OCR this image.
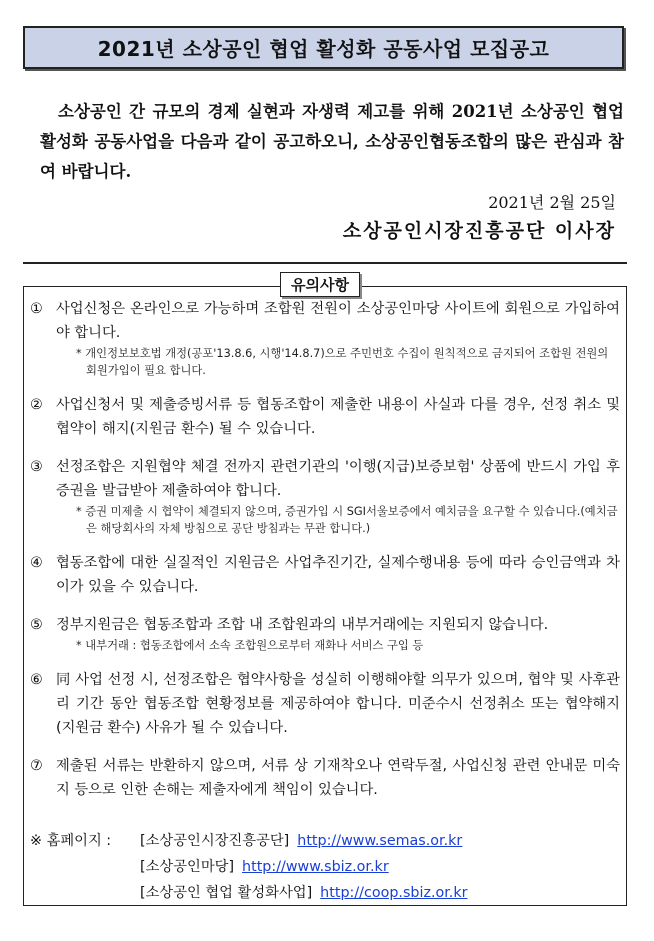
2021년 소상공인 협업 활성화 공동사업 모집공고

소상공인 간 규모의 경제 실현과 자생력 제고를 위해 2021년 소상공인 협업 활성화 공동사업을 다음과 같이 공고하오니, 소상공인협동조합의 많은 관심과 참여 바랍니다.

2021년 2월 25일
소상공인시장진흥공단 이사장
유의사항
① 사업신청은 온라인으로 가능하며 조합원 전원이 소상공인마당 사이트에 회원으로 가입하여야 합니다.
* 개인정보보호법 개정(공포'13.8.6, 시행'14.8.7)으로 주민번호 수집이 원칙적으로 금지되어 조합원 전원의 회원가입이 필요 합니다.
② 사업신청서 및 제출증빙서류 등 협동조합이 제출한 내용이 사실과 다를 경우, 선정 취소 및 협약이 해지(지원금 환수) 될 수 있습니다.
③ 선정조합은 지원협약 체결 전까지 관련기관의 '이행(지급)보증보험' 상품에 반드시 가입 후 증권을 발급받아 제출하여야 합니다.
* 증권 미제출 시 협약이 체결되지 않으며, 증권가입 시 SGI서울보증에서 예치금을 요구할 수 있습니다.(예치금은 해당회사의 자체 방침으로 공단 방침과는 무관 합니다.)
④ 협동조합에 대한 실질적인 지원금은 사업추진기간, 실제수행내용 등에 따라 승인금액과 차이가 있을 수 있습니다.
⑤ 정부지원금은 협동조합과 조합 내 조합원과의 내부거래에는 지원되지 않습니다.
* 내부거래 : 협동조합에서 소속 조합원으로부터 재화나 서비스 구입 등
⑥ 同 사업 선정 시, 선정조합은 협약사항을 성실히 이행해야할 의무가 있으며, 협약 및 사후관리 기간 동안 협동조합 현황정보를 제공하여야 합니다. 미준수시 선정취소 또는 협약해지(지원금 환수) 사유가 될 수 있습니다.
⑦ 제출된 서류는 반환하지 않으며, 서류 상 기재착오나 연락두절, 사업신청 관련 안내문 미숙지 등으로 인한 손해는 제출자에게 책임이 있습니다.
※ 홈페이지 :	[소상공인시장진흥공단] http://www.semas.or.kr
[소상공인마당] http://www.sbiz.or.kr
[소상공인 협업 활성화사업] http://coop.sbiz.or.kr
